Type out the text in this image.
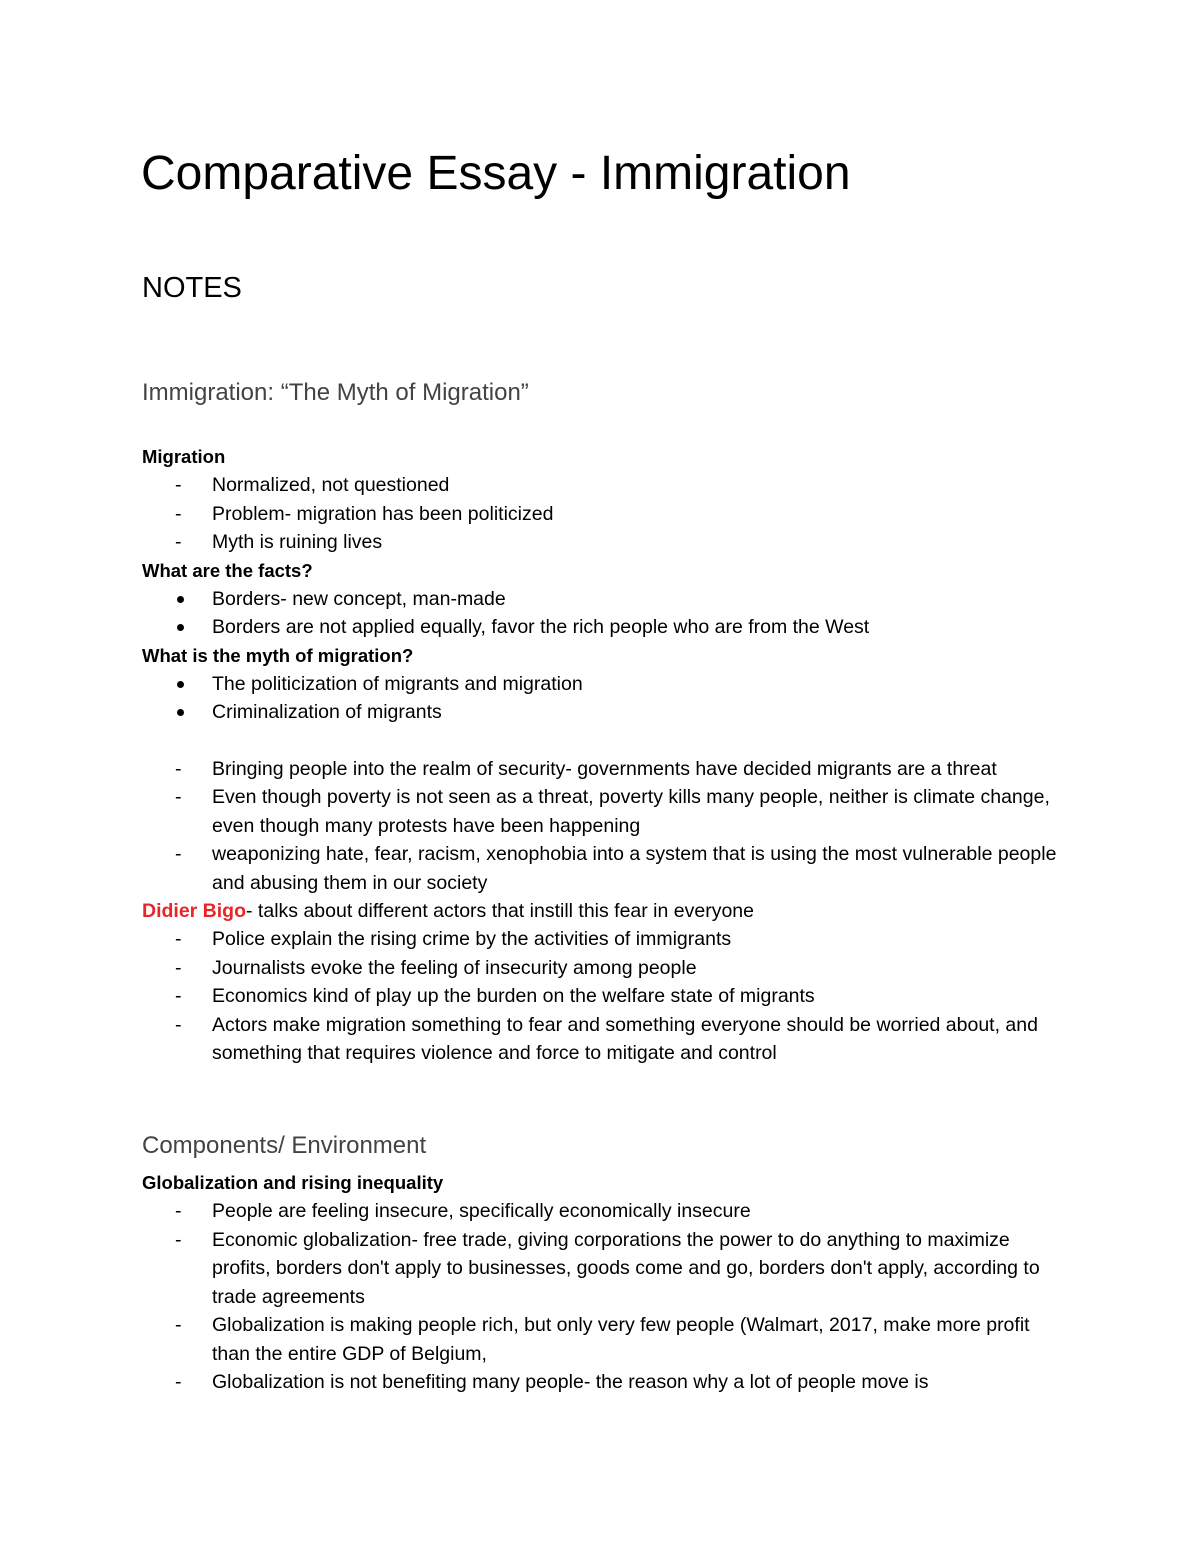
Comparative Essay - Immigration
NOTES
Immigration: “The Myth of Migration”
Migration
-	Normalized, not questioned
-	Problem- migration has been politicized
-	Myth is ruining lives
What are the facts?
Borders- new concept, man-made
Borders are not applied equally, favor the rich people who are from the West
What is the myth of migration?
The politicization of migrants and migration
Criminalization of migrants
-	Bringing people into the realm of security- governments have decided migrants are a threat
-	Even though poverty is not seen as a threat, poverty kills many people, neither is climate change, even though many protests have been happening
-	weaponizing hate, fear, racism, xenophobia into a system that is using the most vulnerable people and abusing them in our society
Didier Bigo- talks about different actors that instill this fear in everyone
-	Police explain the rising crime by the activities of immigrants
-	Journalists evoke the feeling of insecurity among people
-	Economics kind of play up the burden on the welfare state of migrants
-	Actors make migration something to fear and something everyone should be worried about, and something that requires violence and force to mitigate and control
Components/ Environment
Globalization and rising inequality
-	People are feeling insecure, specifically economically insecure
-	Economic globalization- free trade, giving corporations the power to do anything to maximize profits, borders don't apply to businesses, goods come and go, borders don't apply, according to trade agreements
-	Globalization is making people rich, but only very few people (Walmart, 2017, make more profit than the entire GDP of Belgium,
-	Globalization is not benefiting many people- the reason why a lot of people move is
